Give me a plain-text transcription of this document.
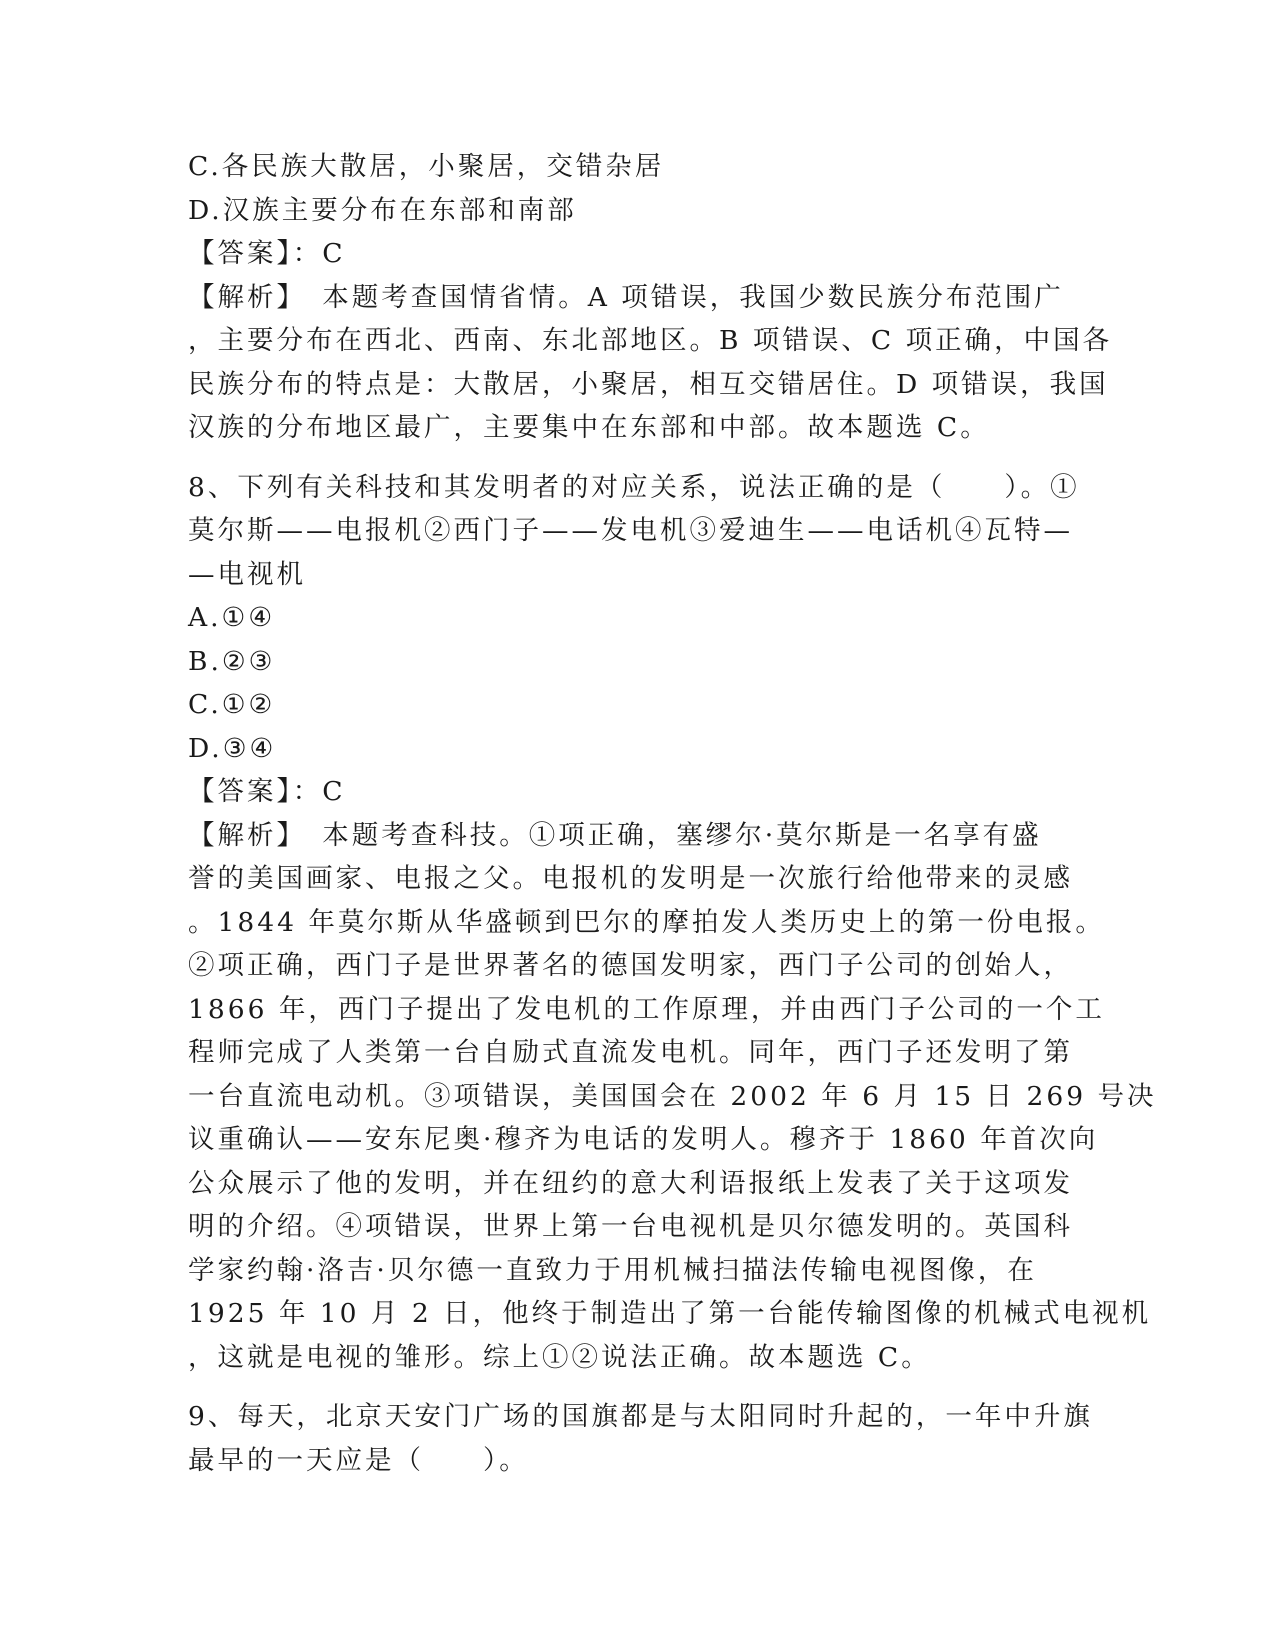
C.各民族大散居，小聚居，交错杂居
D.汉族主要分布在东部和南部
【答案】：C
【解析】　本题考查国情省情。A 项错误，我国少数民族分布范围广
，主要分布在西北、西南、东北部地区。B 项错误、C 项正确，中国各
民族分布的特点是：大散居，小聚居，相互交错居住。D 项错误，我国
汉族的分布地区最广，主要集中在东部和中部。故本题选 C。
8、下列有关科技和其发明者的对应关系，说法正确的是（　　）。①
莫尔斯——电报机②西门子——发电机③爱迪生——电话机④瓦特—
—电视机
A.①④
B.②③
C.①②
D.③④
【答案】：C
【解析】　本题考查科技。①项正确，塞缪尔·莫尔斯是一名享有盛
誉的美国画家、电报之父。电报机的发明是一次旅行给他带来的灵感
。1844 年莫尔斯从华盛顿到巴尔的摩拍发人类历史上的第一份电报。
②项正确，西门子是世界著名的德国发明家，西门子公司的创始人，
1866 年，西门子提出了发电机的工作原理，并由西门子公司的一个工
程师完成了人类第一台自励式直流发电机。同年，西门子还发明了第
一台直流电动机。③项错误，美国国会在 2002 年 6 月 15 日 269 号决
议重确认——安东尼奥·穆齐为电话的发明人。穆齐于 1860 年首次向
公众展示了他的发明，并在纽约的意大利语报纸上发表了关于这项发
明的介绍。④项错误，世界上第一台电视机是贝尔德发明的。英国科
学家约翰·洛吉·贝尔德一直致力于用机械扫描法传输电视图像，在
1925 年 10 月 2 日，他终于制造出了第一台能传输图像的机械式电视机
，这就是电视的雏形。综上①②说法正确。故本题选 C。
9、每天，北京天安门广场的国旗都是与太阳同时升起的，一年中升旗
最早的一天应是（　　）。
